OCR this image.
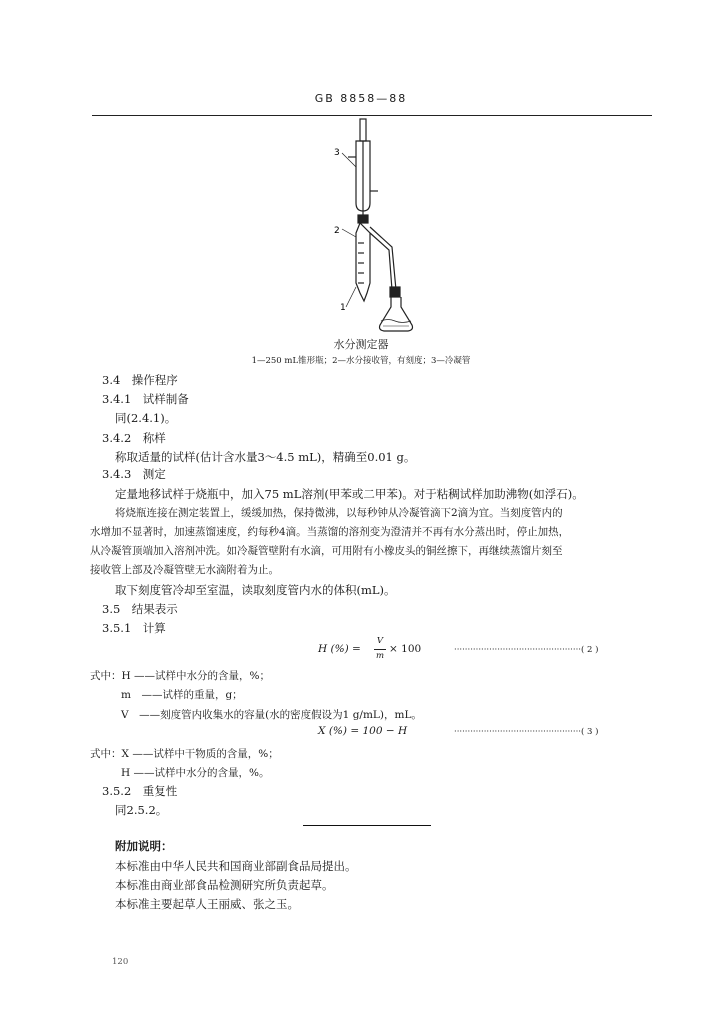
GB 8858—88
3
2
1
水分测定器
1—250 mL锥形瓶；2—水分接收管，有刻度；3—冷凝管
3.4　操作程序
3.4.1　试样制备
同(2.4.1)。
3.4.2　称样
称取适量的试样(估计含水量3～4.5 mL)，精确至0.01 g。
3.4.3　测定
定量地移试样于烧瓶中，加入75 mL溶剂(甲苯或二甲苯)。对于粘稠试样加助沸物(如浮石)。
将烧瓶连接在测定装置上，缓缓加热，保持微沸，以每秒钟从冷凝管滴下2滴为宜。当刻度管内的
水增加不显著时，加速蒸馏速度，约每秒4滴。当蒸馏的溶剂变为澄清并不再有水分蒸出时，停止加热，
从冷凝管顶端加入溶剂冲洗。如冷凝管壁附有水滴，可用附有小橡皮头的铜丝擦下，再继续蒸馏片刻至
接收管上部及冷凝管壁无水滴附着为止。
取下刻度管冷却至室温，读取刻度管内水的体积(mL)。
3.5　结果表示
3.5.1　计算
H (%) =
V
m
× 100	···············································( 2 )
式中：H ——试样中水分的含量，%；
m　——试样的重量，g；
V　——刻度管内收集水的容量(水的密度假设为1 g/mL)，mL。
X (%) = 100 − H	···············································( 3 )
式中：X ——试样中干物质的含量，%；
H ——试样中水分的含量，%。
3.5.2　重复性
同2.5.2。
附加说明：
本标准由中华人民共和国商业部副食品局提出。
本标准由商业部食品检测研究所负责起草。
本标准主要起草人王丽威、张之玉。
120
